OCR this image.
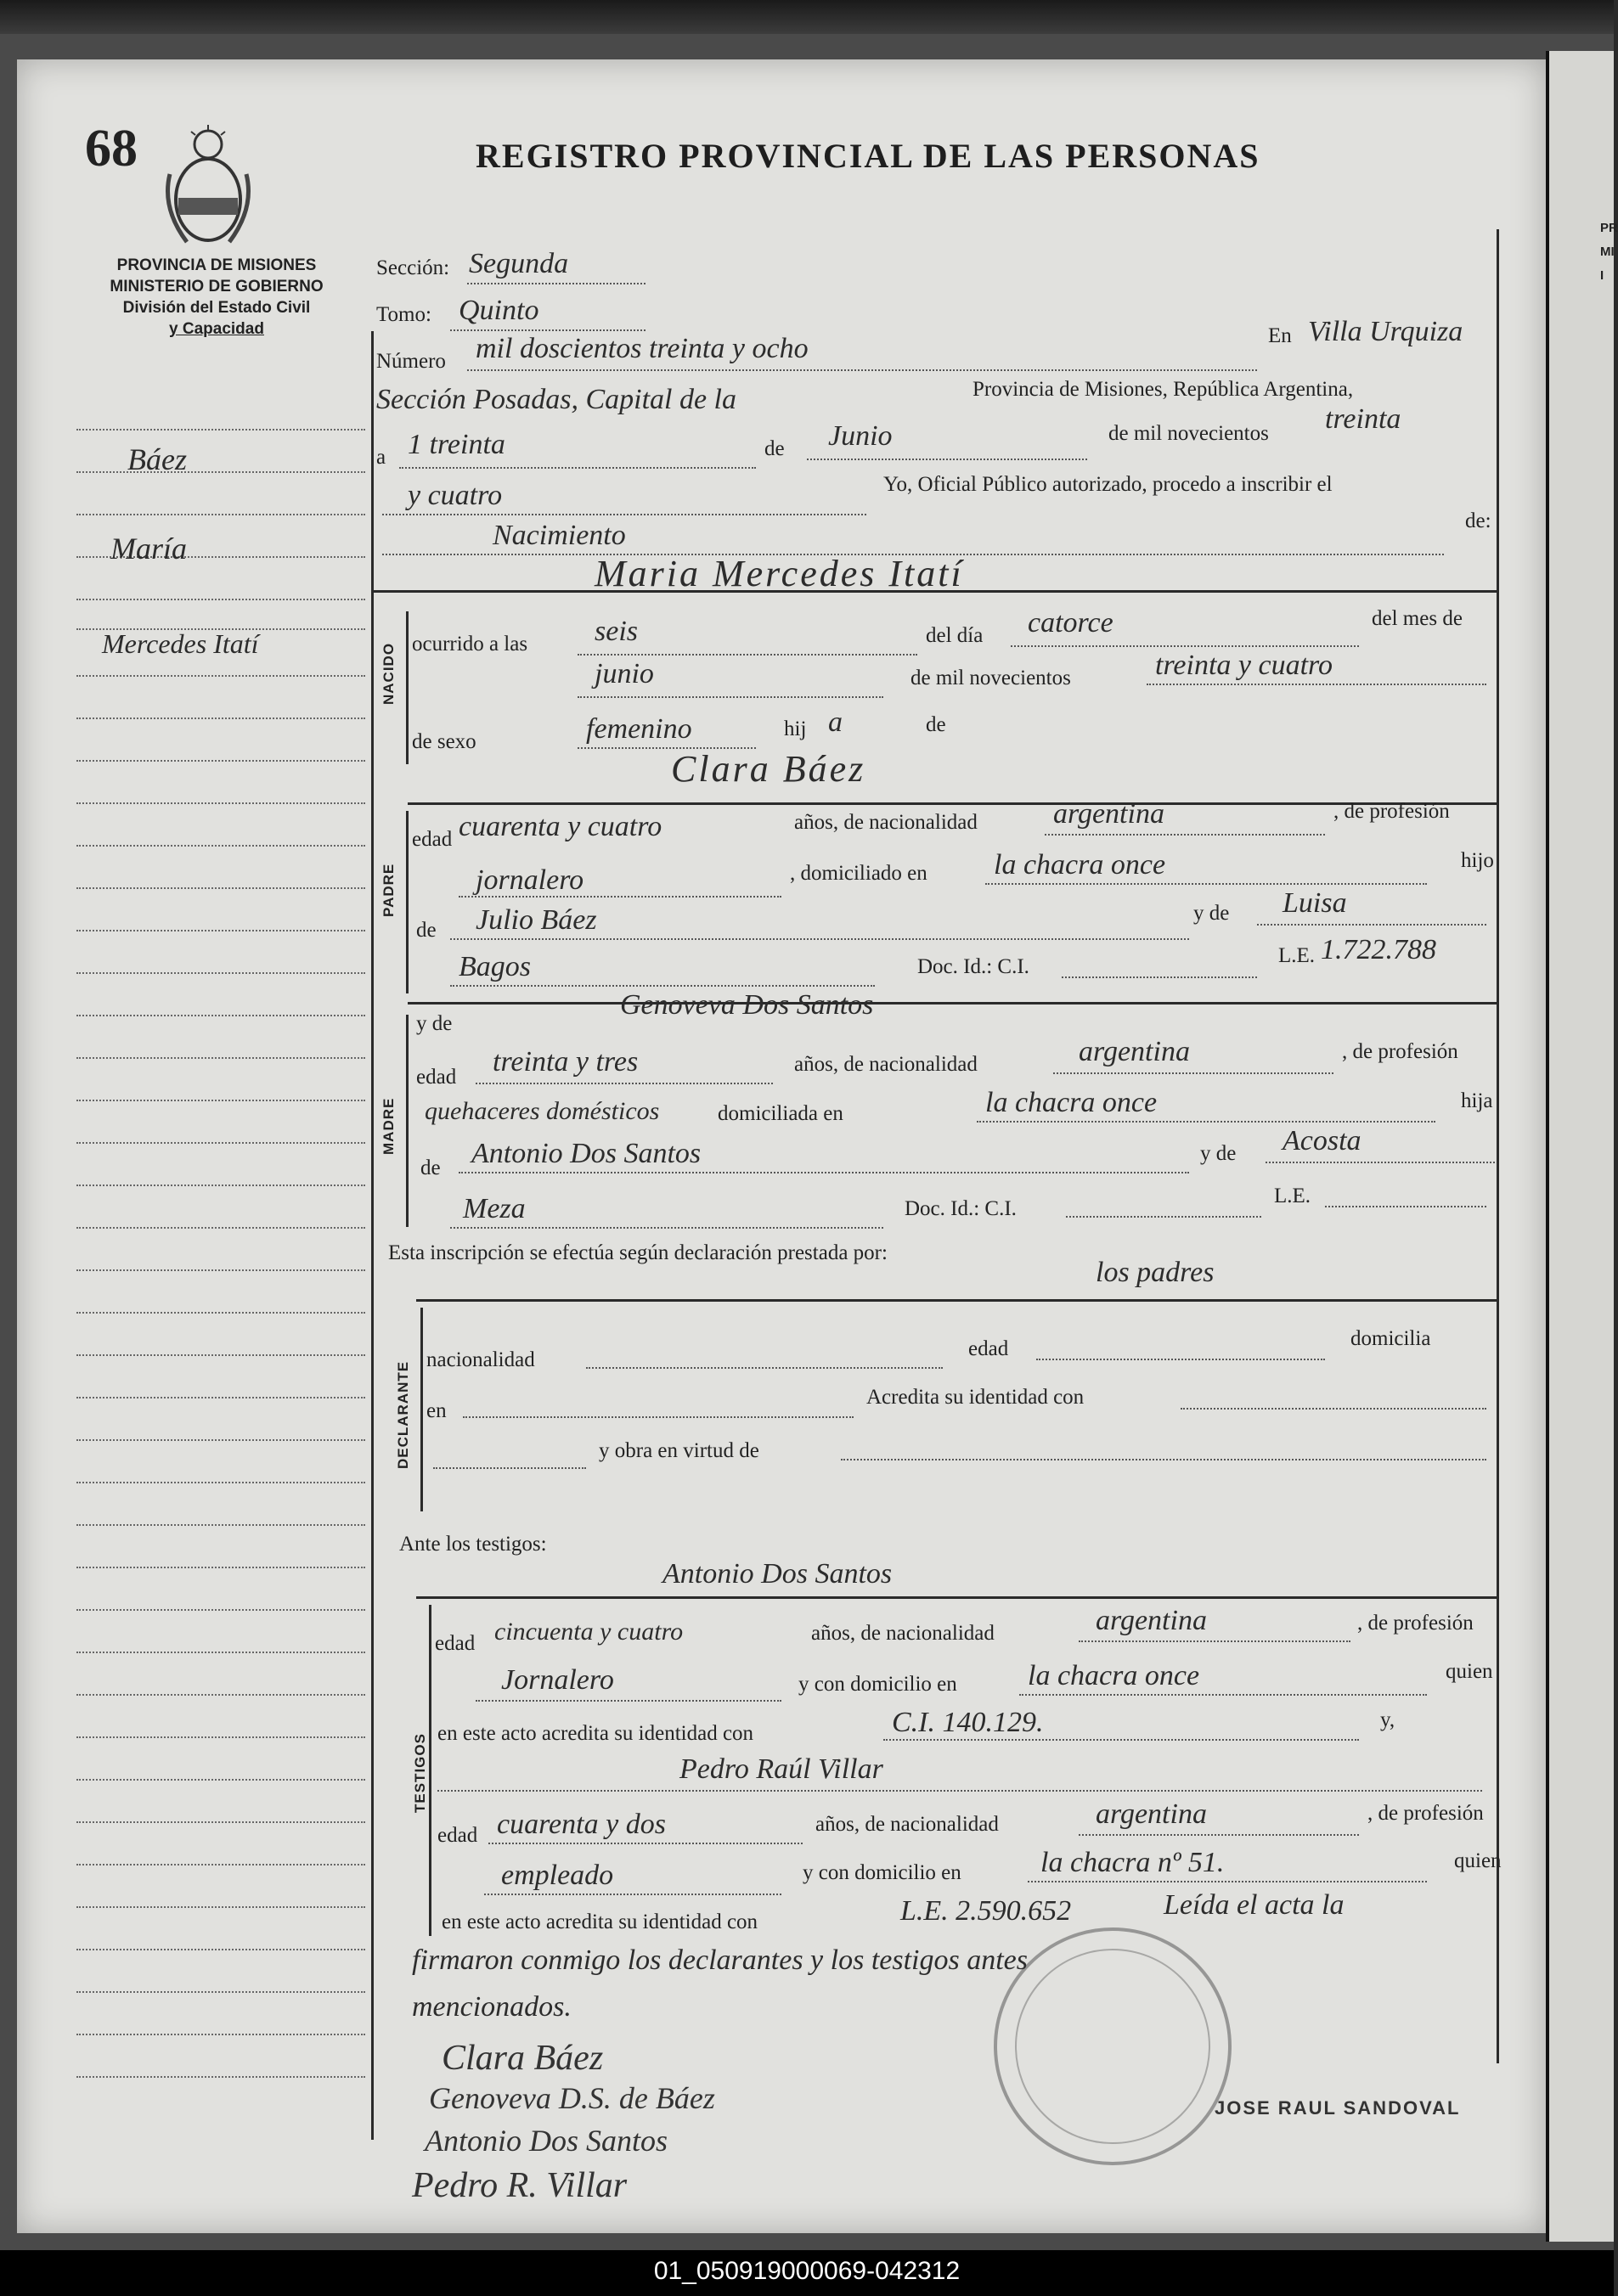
PR
MI
I
68	REGISTRO PROVINCIAL DE LAS PERSONAS
PROVINCIA DE MISIONES
MINISTERIO DE GOBIERNO
División del Estado Civil
y Capacidad
Báez
María
Mercedes Itatí
Sección: Segunda
Tomo: Quinto
Número mil doscientos treinta y ocho	En Villa Urquiza
Sección Posadas, Capital de la	Provincia de Misiones, República Argentina,
a 1 treinta	de Junio	de mil novecientos treinta
y cuatro	Yo, Oficial Público autorizado, procedo a inscribir el
Nacimiento	de:
Maria Mercedes Itatí
NACIDO ocurrido a las seis	del día catorce	del mes de
junio	de mil novecientos	treinta y cuatro
de sexo	femenino	hij a	de
Clara Báez
PADRE
edad cuarenta y cuatro	años, de nacionalidad	argentina	, de profesión
jornalero	, domiciliado en la chacra once	hijo
de Julio Báez	y de Luisa
Bagos	Doc. Id.: C.I.	L.E. 1.722.788
y de
Genoveva Dos Santos
MADRE
edad treinta y tres	años, de nacionalidad	argentina	, de profesión
quehaceres domésticos	domiciliada en	la chacra once	hija
de Antonio Dos Santos	y de Acosta
Meza	Doc. Id.: C.I.
L.E.
Esta inscripción se efectúa según declaración prestada por:
los padres
DECLARANTE
nacionalidad	edad	domicilia
en
Acredita su identidad con
y obra en virtud de
Ante los testigos:
Antonio Dos Santos
TESTIGOS
edad cincuenta y cuatro	años, de nacionalidad	argentina	, de profesión
Jornalero	y con domicilio en la chacra once	quien
en este acto acredita su identidad con	C.I. 140.129.	y,
Pedro Raúl Villar
edad cuarenta y dos	años, de nacionalidad	argentina	, de profesión
empleado	y con domicilio en	la chacra nº 51.	quien
en este acto acredita su identidad con	L.E. 2.590.652	Leída el acta la
firmaron conmigo los declarantes y los testigos antes
mencionados.
JOSE RAUL SANDOVAL
Clara Báez
Genoveva D.S. de Báez
Antonio Dos Santos
Pedro R. Villar
01_050919000069-042312
